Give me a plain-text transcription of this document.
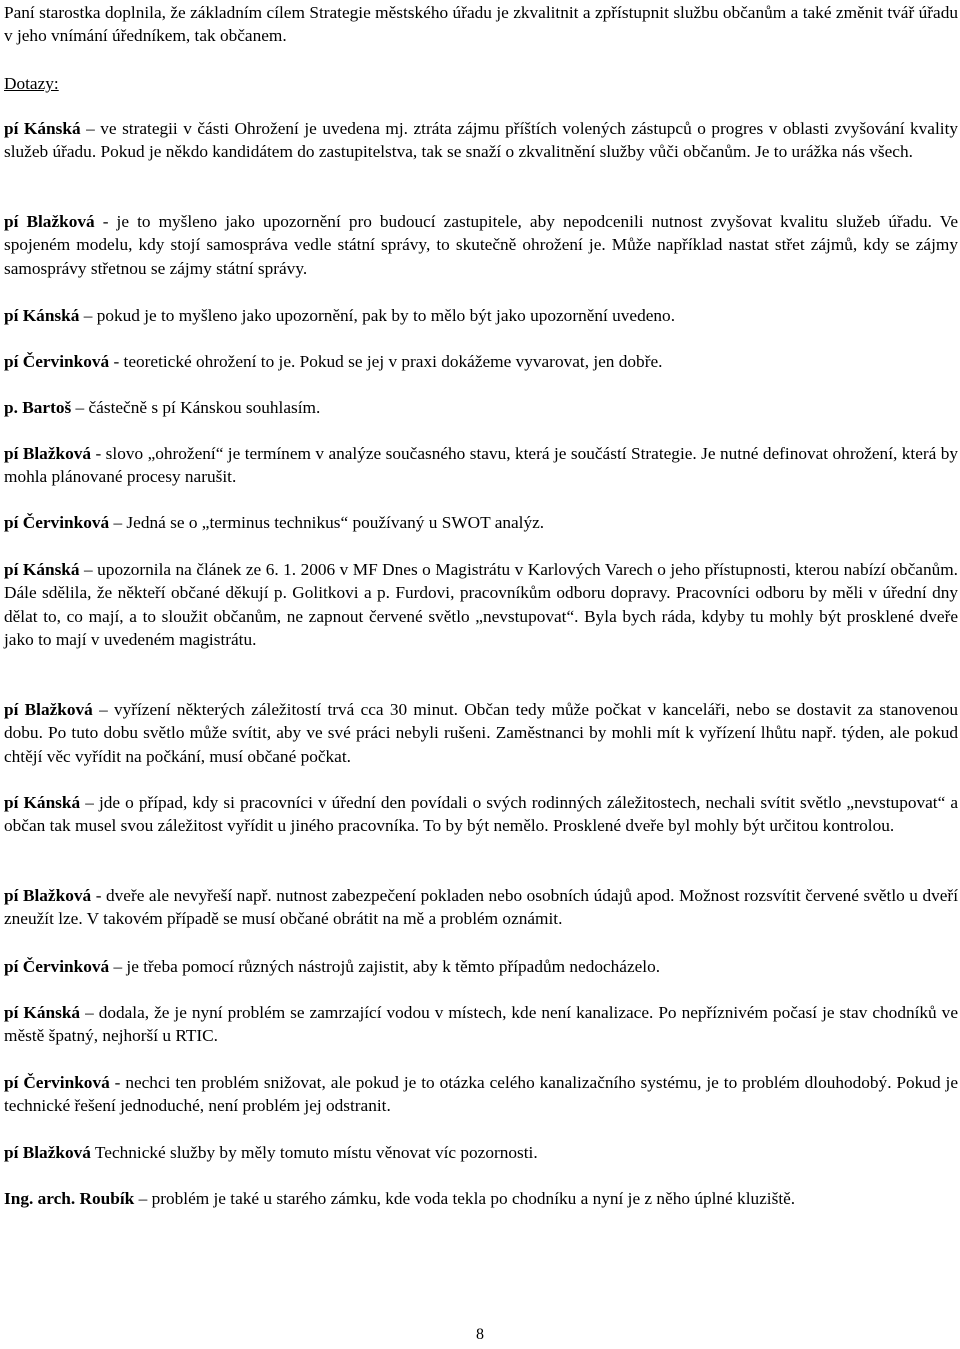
Paní starostka doplnila, že základním cílem Strategie městského úřadu je zkvalitnit a zpřístupnit službu občanům a také změnit tvář úřadu v jeho vnímání úředníkem, tak občanem.

Dotazy:

pí Kánská – ve strategii v části Ohrožení je uvedena mj. ztráta zájmu příštích volených zástupců o progres v oblasti zvyšování kvality služeb úřadu. Pokud je někdo kandidátem do zastupitelstva, tak se snaží o zkvalitnění služby vůči občanům. Je to urážka nás všech.

pí Blažková - je to myšleno jako upozornění pro budoucí zastupitele, aby nepodcenili nutnost zvyšovat kvalitu služeb úřadu. Ve spojeném modelu, kdy stojí samospráva vedle státní správy, to skutečně ohrožení je. Může například nastat střet zájmů, kdy se zájmy samosprávy střetnou se zájmy státní správy.

pí Kánská – pokud je to myšleno jako upozornění, pak by to mělo být jako upozornění uvedeno.

pí Červinková - teoretické ohrožení to je. Pokud se jej v praxi dokážeme vyvarovat, jen dobře.

p. Bartoš – částečně s pí Kánskou souhlasím.

pí Blažková - slovo „ohrožení“ je termínem v analýze současného stavu, která je součástí Strategie. Je nutné definovat ohrožení, která by mohla plánované procesy narušit.

pí Červinková – Jedná se o „terminus technikus“ používaný u SWOT analýz.

pí Kánská – upozornila na článek ze 6. 1. 2006 v MF Dnes o Magistrátu v Karlových Varech o jeho přístupnosti, kterou nabízí občanům. Dále sdělila, že někteří občané děkují p. Golitkovi a p. Furdovi, pracovníkům odboru dopravy. Pracovníci odboru by měli v úřední dny dělat to, co mají, a to sloužit občanům, ne zapnout červené světlo „nevstupovat“. Byla bych ráda, kdyby tu mohly být prosklené dveře jako to mají v uvedeném magistrátu.

pí Blažková – vyřízení některých záležitostí trvá cca 30 minut. Občan tedy může počkat v kanceláři, nebo se dostavit za stanovenou dobu. Po tuto dobu světlo může svítit, aby ve své práci nebyli rušeni. Zaměstnanci by mohli mít k vyřízení lhůtu např. týden, ale pokud chtějí věc vyřídit na počkání, musí občané počkat.

pí Kánská – jde o případ, kdy si pracovníci v úřední den povídali o svých rodinných záležitostech, nechali svítit světlo „nevstupovat“ a občan tak musel svou záležitost vyřídit u jiného pracovníka. To by být nemělo. Prosklené dveře byl mohly být určitou kontrolou.

pí Blažková - dveře ale nevyřeší např. nutnost zabezpečení pokladen nebo osobních údajů apod. Možnost rozsvítit červené světlo u dveří zneužít lze. V takovém případě se musí občané obrátit na mě a problém oznámit.

pí Červinková – je třeba pomocí různých nástrojů zajistit, aby k těmto případům nedocházelo.

pí Kánská – dodala, že je nyní problém se zamrzající vodou v místech, kde není kanalizace. Po nepříznivém počasí je stav chodníků ve městě špatný, nejhorší u RTIC.

pí Červinková - nechci ten problém snižovat, ale pokud je to otázka celého kanalizačního systému, je to problém dlouhodobý. Pokud je technické řešení jednoduché, není problém jej odstranit.

pí Blažková Technické služby by měly tomuto místu věnovat víc pozornosti.

Ing. arch. Roubík – problém je také u starého zámku, kde voda tekla po chodníku a nyní je z něho úplné kluziště.

8
